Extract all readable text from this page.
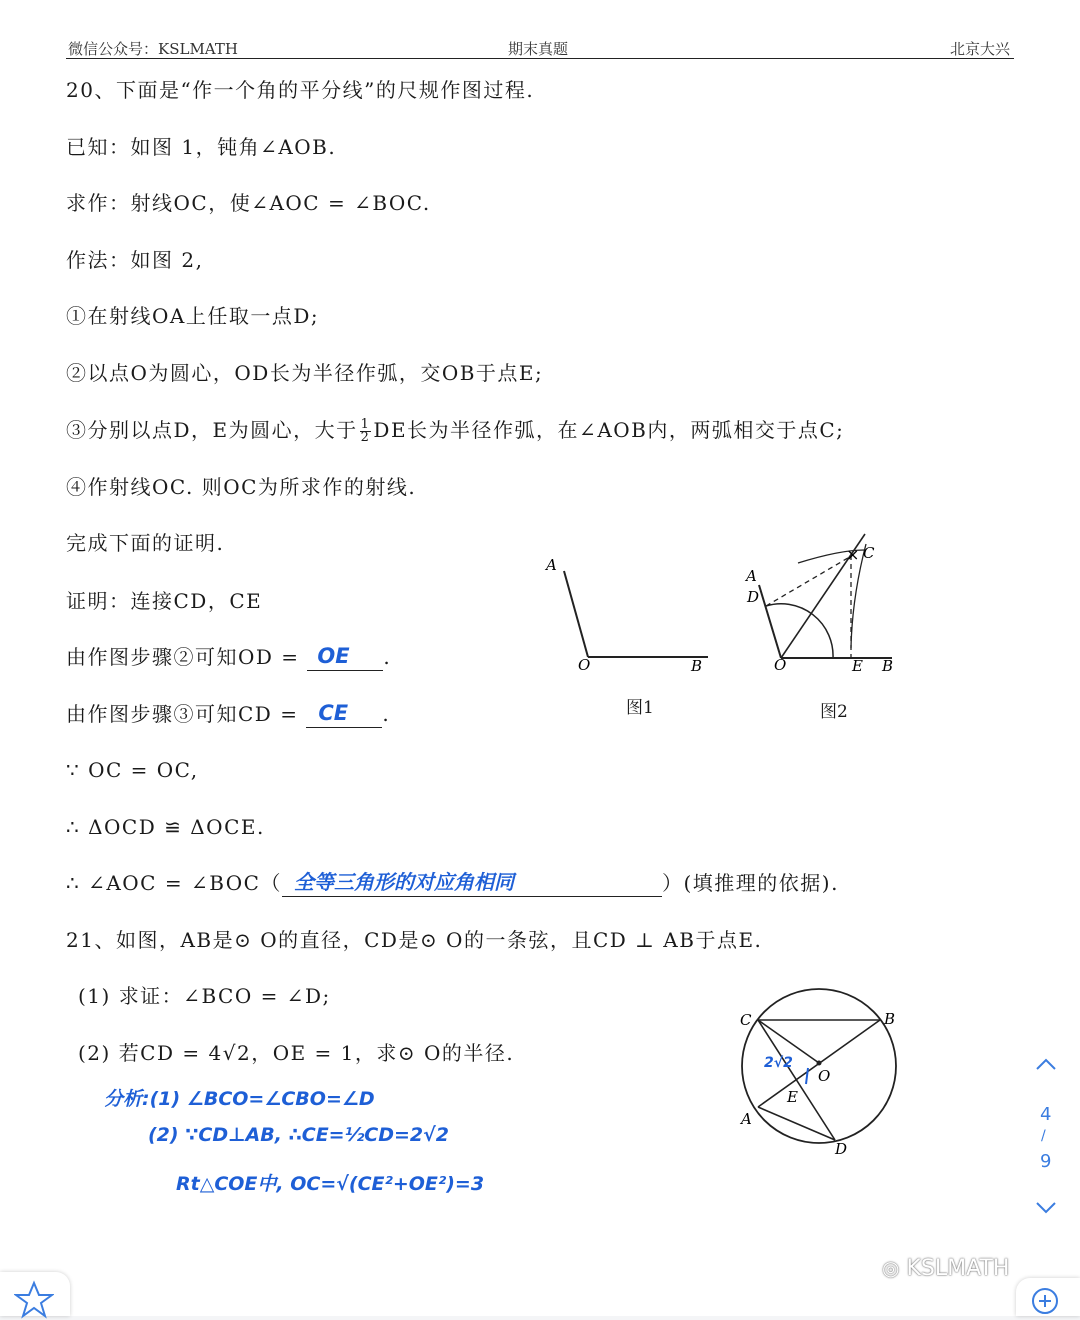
微信公众号：KSLMATH	期末真题	北京大兴
20、下面是“作一个角的平分线”的尺规作图过程.
已知：如图 1，钝角∠AOB.
求作：射线OC，使∠AOC = ∠BOC.
作法：如图 2,
①在射线OA上任取一点D;
②以点O为圆心，OD长为半径作弧，交OB于点E;
③分别以点D，E为圆心，大于 $\frac{1}{2}$ DE长为半径作弧，在∠AOB内，两弧相交于点C;
④作射线OC. 则OC为所求作的射线.
完成下面的证明.
证明：连接CD，CE
由作图步骤②可知OD = OE .
由作图步骤③可知CD = CE .
∵ OC = OC,
∴ ΔOCD ≌ ΔOCE.
∴ ∠AOC = ∠BOC（ 全等三角形的对应角相同	）(填推理的依据).
A
O	B
图1
×
A
D
C
O	E B
图2
21、如图，AB是⊙ O的直径，CD是⊙ O的一条弦，且CD ⊥ AB于点E.
(1) 求证：∠BCO = ∠D;
(2) 若CD = 4√2，OE = 1，求⊙ O的半径.
分析:(1) ∠BCO=∠CBO=∠D
(2) ∵CD⊥AB, ∴CE=½CD=2√2
Rt△COE中, OC=√(CE²+OE²)=3
C	B
O
E
A
D
2√2
4
/
9
◎ KSLMATH
